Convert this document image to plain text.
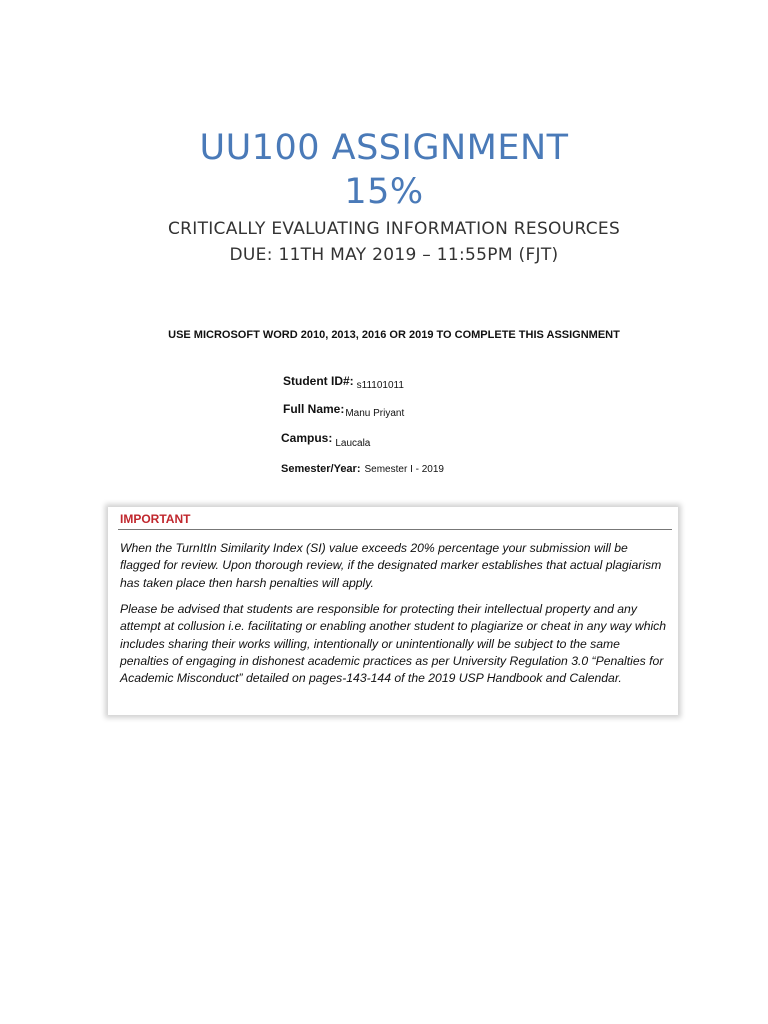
UU100 ASSIGNMENT
15%
CRITICALLY EVALUATING INFORMATION RESOURCES
DUE: 11TH MAY 2019 – 11:55PM (FJT)
USE MICROSOFT WORD 2010, 2013, 2016 OR 2019 TO COMPLETE THIS ASSIGNMENT
Student ID#: $_{s11101011}$
Full $Name:_{Manu Priyant}$
Campus: $_{Laucala}$
Semester/Year: Semester I - 2019
IMPORTANT
When the TurnItIn Similarity Index (SI) value exceeds 20% percentage your submission will be flagged for review. Upon thorough review, if the designated marker establishes that actual plagiarism has taken place then harsh penalties will apply.
Please be advised that students are responsible for protecting their intellectual property and any attempt at collusion i.e. facilitating or enabling another student to plagiarize or cheat in any way which includes sharing their works willing, intentionally or unintentionally will be subject to the same penalties of engaging in dishonest academic practices as per University Regulation 3.0 “Penalties for Academic Misconduct” detailed on pages-143-144 of the 2019 USP Handbook and Calendar.
